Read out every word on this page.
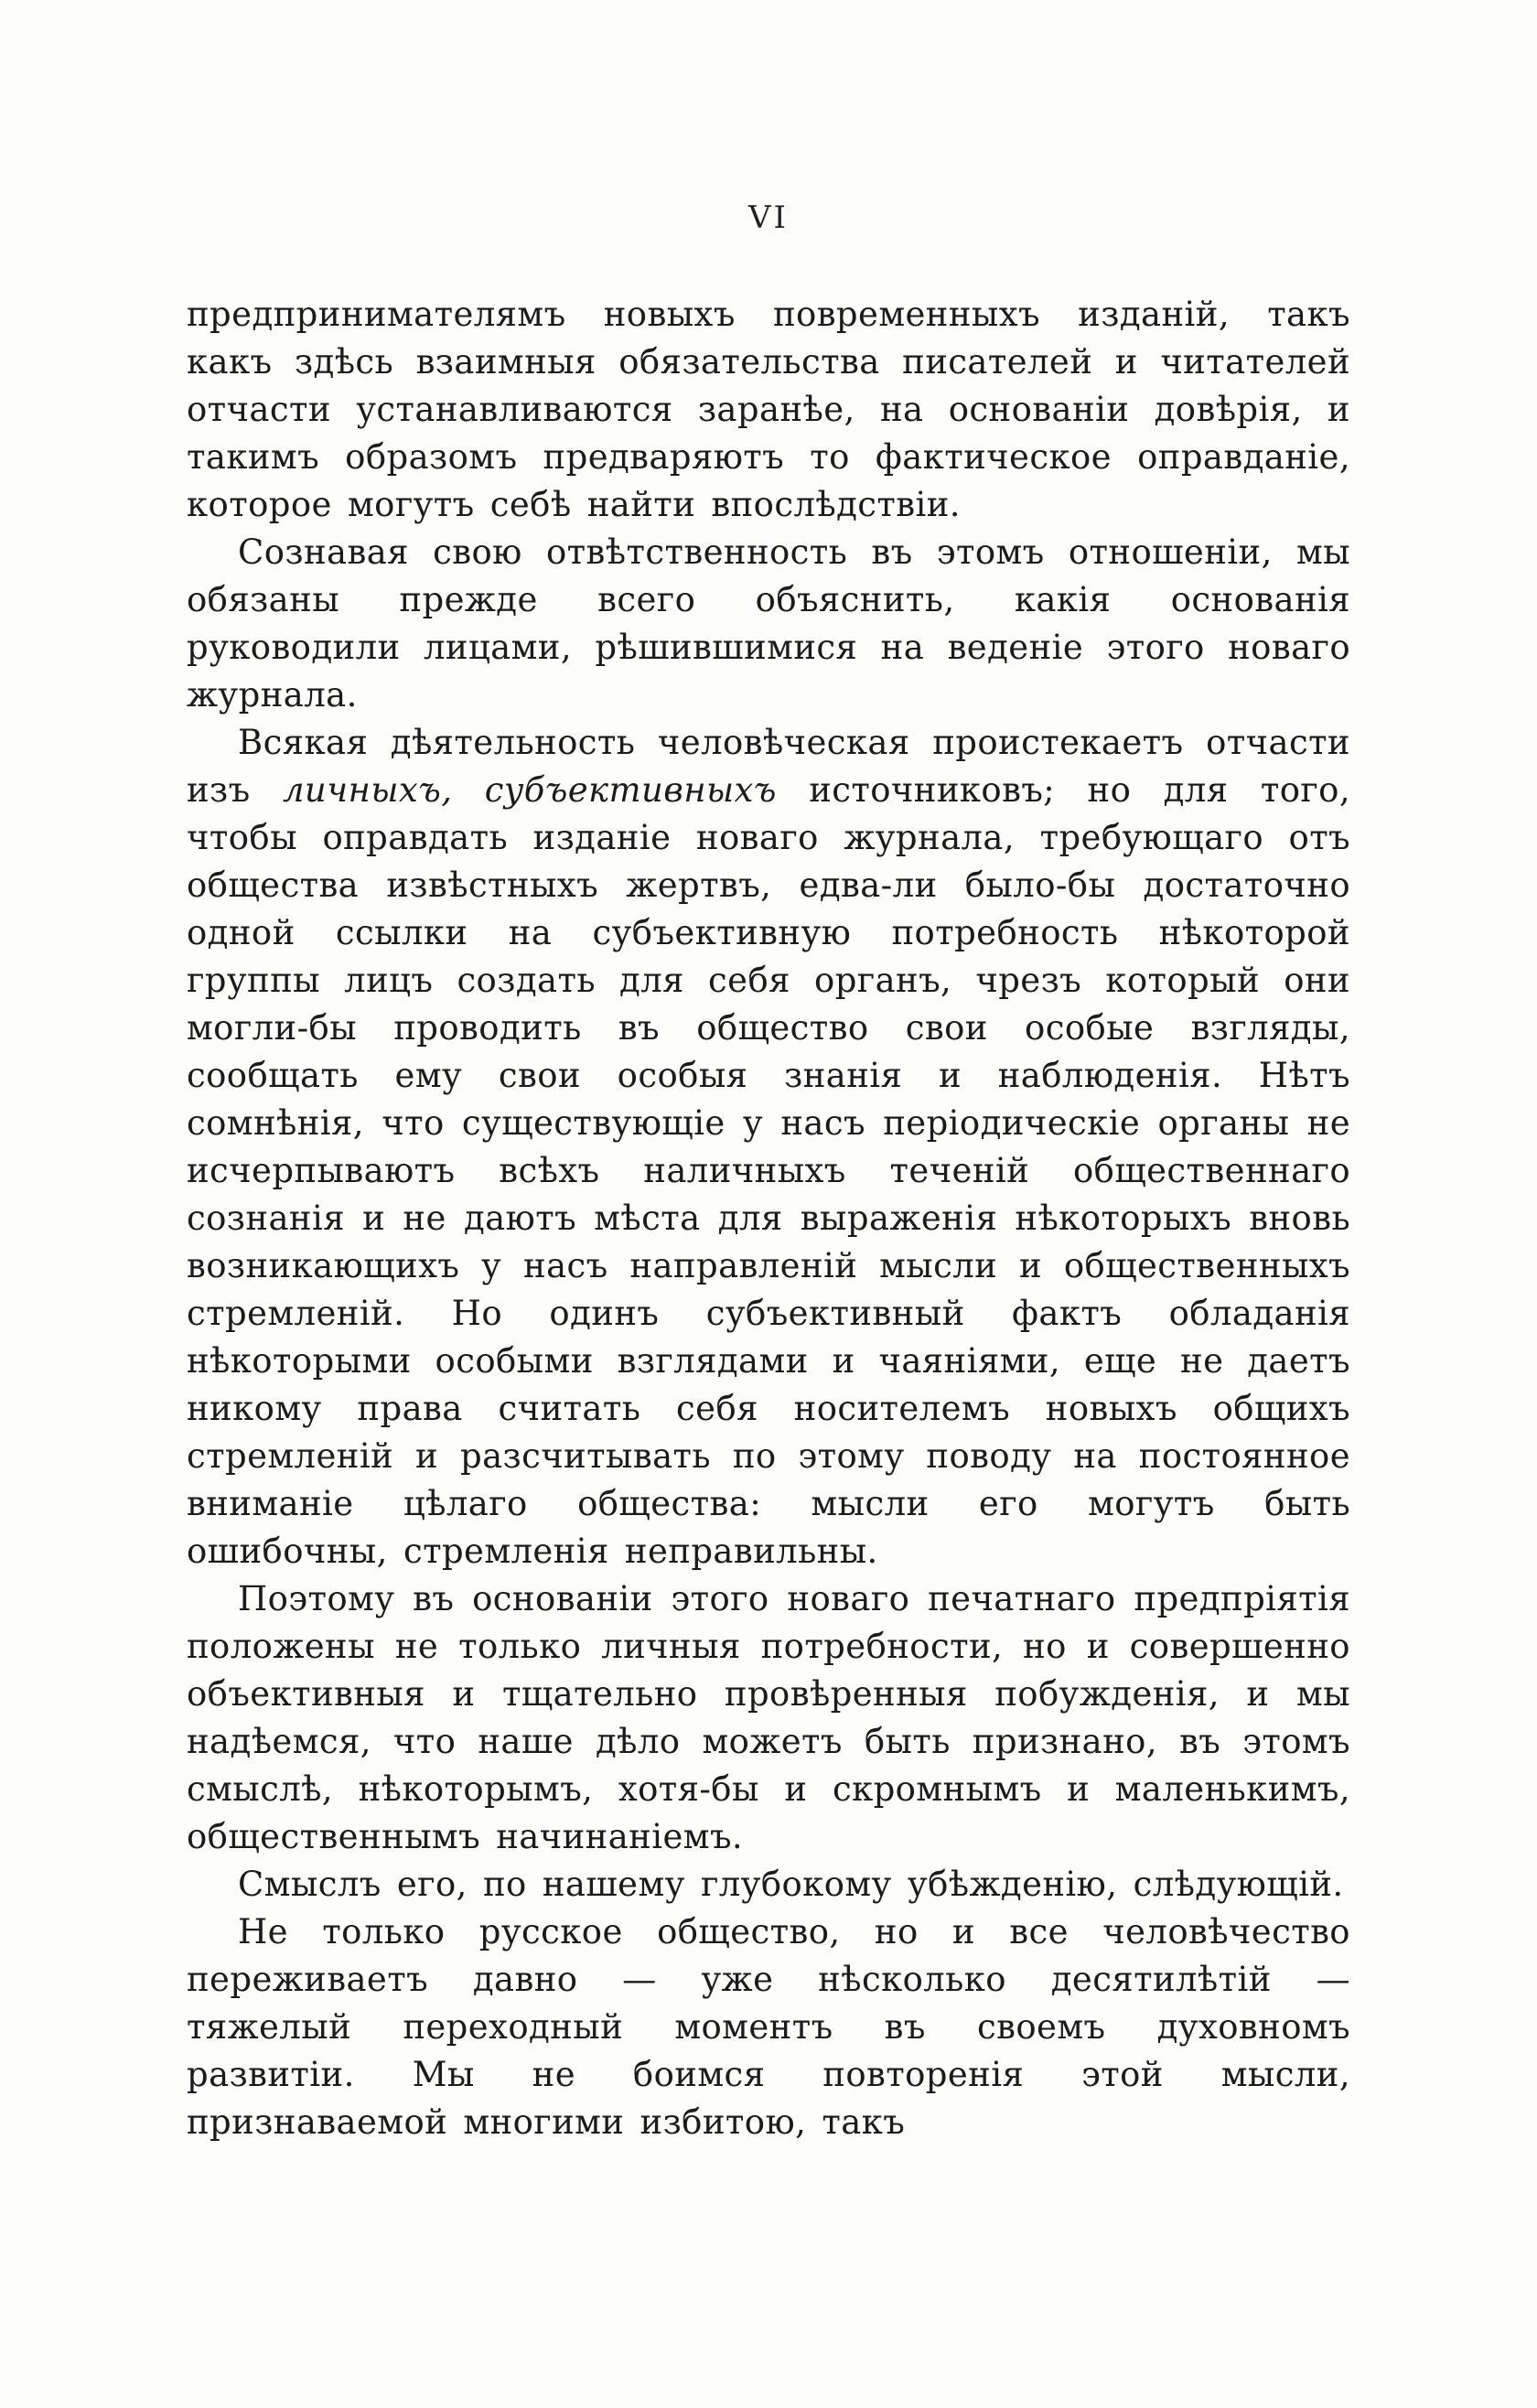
VI

предпринимателямъ новыхъ повременныхъ изданій, такъ какъ здѣсь взаимныя обязательства писателей и читателей отчасти устанавливаются заранѣе, на основаніи довѣрія, и такимъ образомъ предваряютъ то фактическое оправданіе, которое могутъ себѣ найти впослѣдствіи.

Сознавая свою отвѣтственность въ этомъ отношеніи, мы обязаны прежде всего объяснить, какія основанія руководили лицами, рѣшившимися на веденіе этого новаго журнала.

Всякая дѣятельность человѣческая проистекаетъ отчасти изъ личныхъ, субъективныхъ источниковъ; но для того, чтобы оправдать изданіе новаго журнала, требующаго отъ общества извѣстныхъ жертвъ, едва-ли было-бы достаточно одной ссылки на субъективную потребность нѣкоторой группы лицъ создать для себя органъ, чрезъ который они могли-бы проводить въ общество свои особые взгляды, сообщать ему свои особыя знанія и наблюденія. Нѣтъ сомнѣнія, что существующіе у насъ періодическіе органы не исчерпываютъ всѣхъ наличныхъ теченій общественнаго сознанія и не даютъ мѣста для выраженія нѣкоторыхъ вновь возникающихъ у насъ направленій мысли и общественныхъ стремленій. Но одинъ субъективный фактъ обладанія нѣкоторыми особыми взглядами и чаяніями, еще не даетъ никому права считать себя носителемъ новыхъ общихъ стремленій и разсчитывать по этому поводу на постоянное вниманіе цѣлаго общества: мысли его могутъ быть ошибочны, стремленія неправильны.

Поэтому въ основаніи этого новаго печатнаго предпріятія положены не только личныя потребности, но и совершенно объективныя и тщательно провѣренныя побужденія, и мы надѣемся, что наше дѣло можетъ быть признано, въ этомъ смыслѣ, нѣкоторымъ, хотя-бы и скромнымъ и маленькимъ, общественнымъ начинаніемъ.

Смыслъ его, по нашему глубокому убѣжденію, слѣдующій.

Не только русское общество, но и все человѣчество переживаетъ давно — уже нѣсколько десятилѣтій — тяжелый переходный моментъ въ своемъ духовномъ развитіи. Мы не боимся повторенія этой мысли, признаваемой многими избитою, такъ
